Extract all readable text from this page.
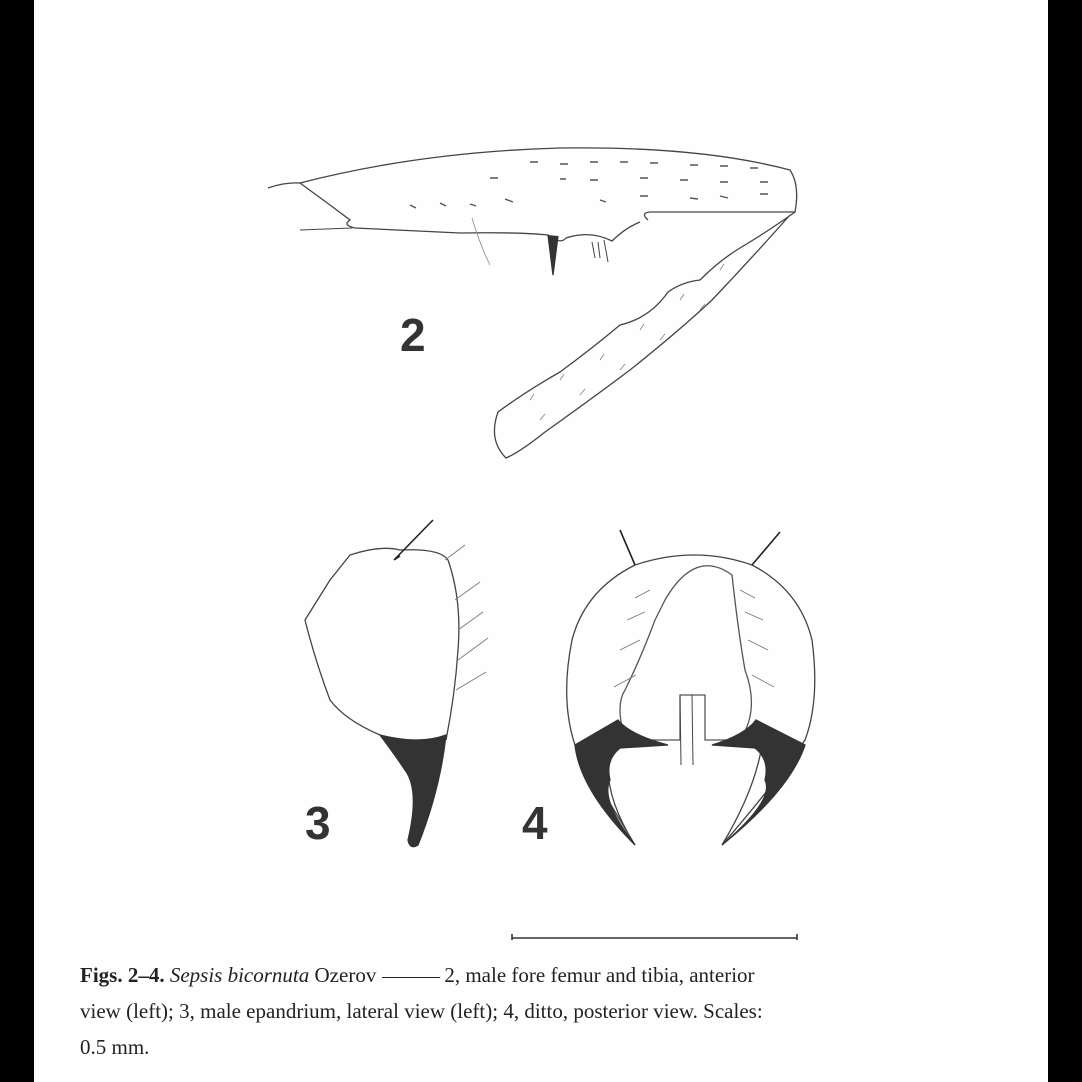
2
3	4
Figs. 2–4. Sepsis bicornuta Ozerov	2, male fore femur and tibia, anterior
view (left); 3, male epandrium, lateral view (left); 4, ditto, posterior view. Scales:
0.5 mm.
